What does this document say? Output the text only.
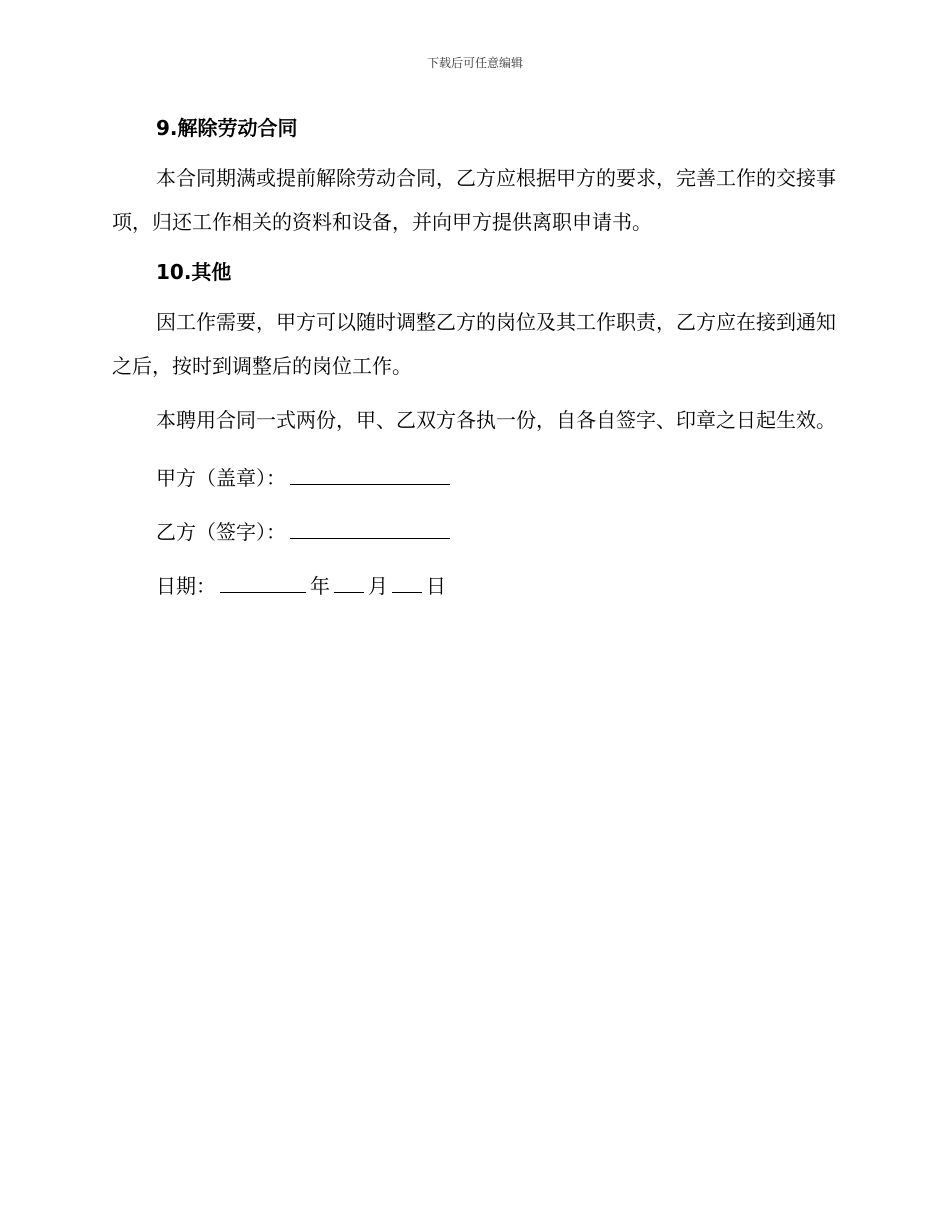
下载后可任意编辑
9.解除劳动合同

本合同期满或提前解除劳动合同，乙方应根据甲方的要求，完善工作的交接事项，归还工作相关的资料和设备，并向甲方提供离职申请书。

10.其他

因工作需要，甲方可以随时调整乙方的岗位及其工作职责，乙方应在接到通知之后，按时到调整后的岗位工作。

本聘用合同一式两份，甲、乙双方各执一份，自各自签字、印章之日起生效。

甲方（盖章）：
乙方（签字）：
日期：	年 月 日
